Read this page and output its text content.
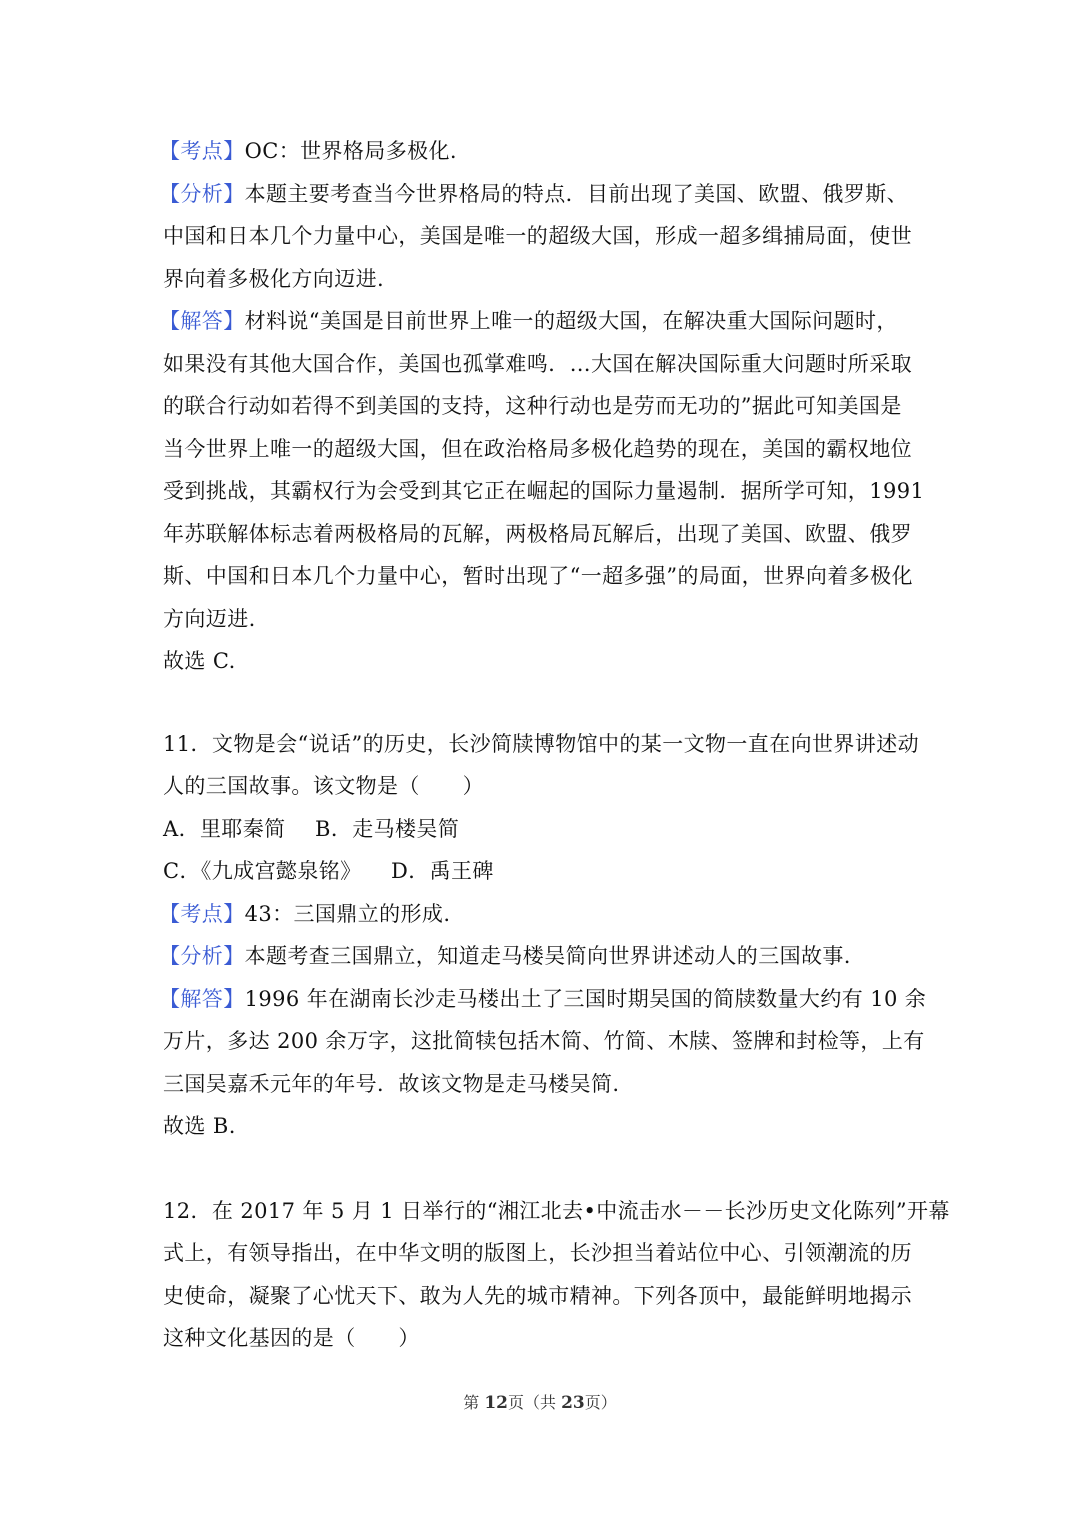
【考点】OC：世界格局多极化.
【分析】本题主要考查当今世界格局的特点．目前出现了美国、欧盟、俄罗斯、
中国和日本几个力量中心，美国是唯一的超级大国，形成一超多缉捕局面，使世
界向着多极化方向迈进.
【解答】材料说“美国是目前世界上唯一的超级大国，在解决重大国际问题时，
如果没有其他大国合作，美国也孤掌难鸣．…大国在解决国际重大问题时所采取
的联合行动如若得不到美国的支持，这种行动也是劳而无功的”据此可知美国是
当今世界上唯一的超级大国，但在政治格局多极化趋势的现在，美国的霸权地位
受到挑战，其霸权行为会受到其它正在崛起的国际力量遏制．据所学可知，1991
年苏联解体标志着两极格局的瓦解，两极格局瓦解后，出现了美国、欧盟、俄罗
斯、中国和日本几个力量中心，暂时出现了“一超多强”的局面，世界向着多极化
方向迈进.
故选 C.
11．文物是会“说话”的历史，长沙简牍博物馆中的某一文物一直在向世界讲述动
人的三国故事。该文物是（　　）
A．里耶秦简 B．走马楼吴简
C．《九成宫懿泉铭》 D．禹王碑
【考点】43：三国鼎立的形成.
【分析】本题考查三国鼎立，知道走马楼吴简向世界讲述动人的三国故事.
【解答】1996 年在湖南长沙走马楼出土了三国时期吴国的简牍数量大约有 10 余
万片，多达 200 余万字，这批简犊包括木简、竹简、木牍、签牌和封检等，上有
三国吴嘉禾元年的年号．故该文物是走马楼吴简.
故选 B.
12．在 2017 年 5 月 1 日举行的“湘江北去•中流击水－－长沙历史文化陈列”开幕
式上，有领导指出，在中华文明的版图上，长沙担当着站位中心、引领潮流的历
史使命，凝聚了心忧天下、敢为人先的城市精神。下列各顶中，最能鲜明地揭示
这种文化基因的是（　　）
第 12页（共 23页）
